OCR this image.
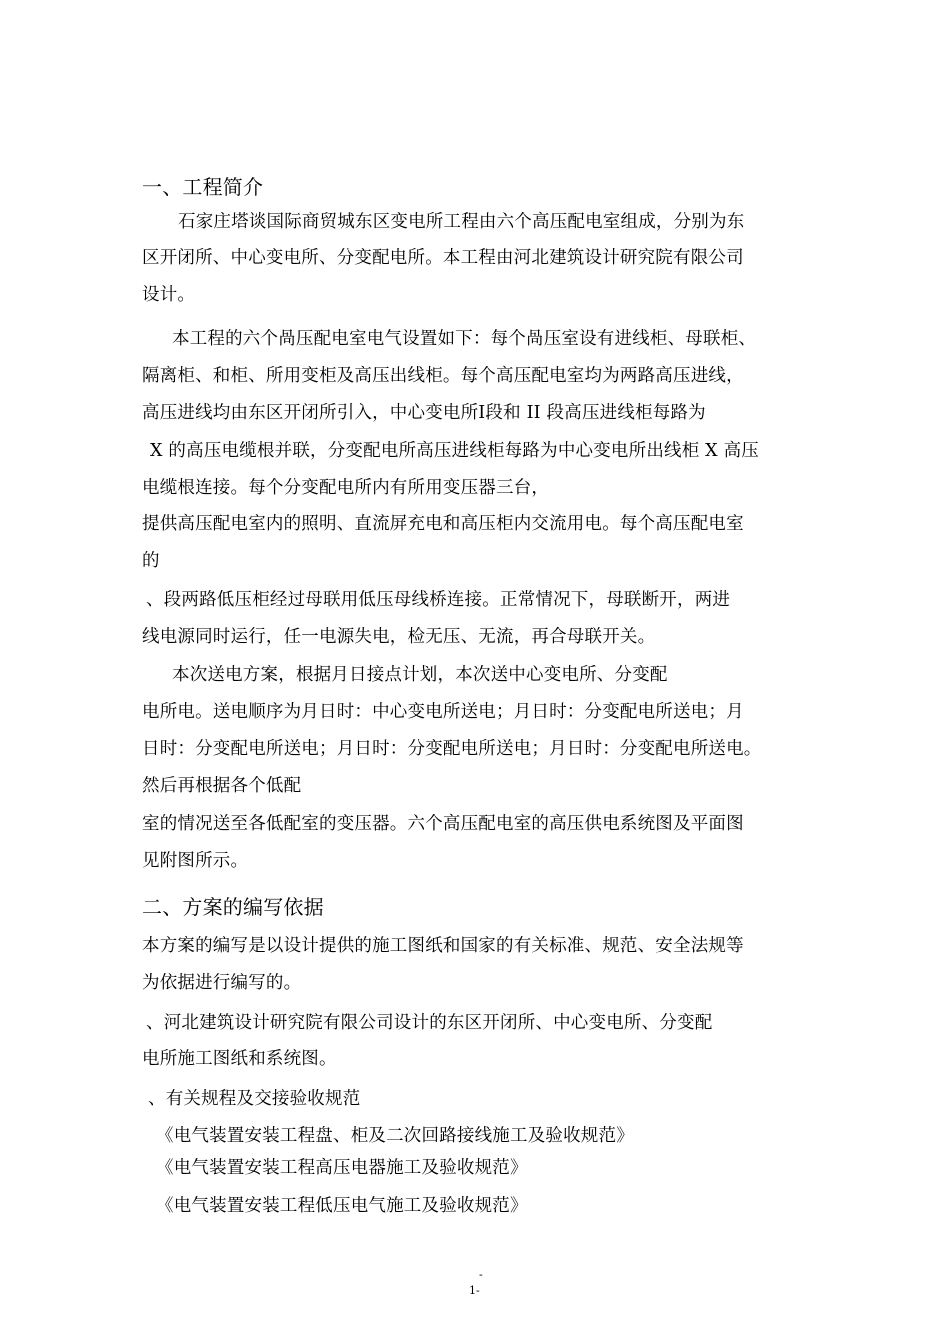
一、工程简介
石家庄塔谈国际商贸城东区变电所工程由六个高压配电室组成，分别为东
区开闭所、中心变电所、分变配电所。本工程由河北建筑设计研究院有限公司
设计。
本工程的六个咼压配电室电气设置如下：每个咼压室设有进线柜、母联柜、
隔离柜、和柜、所用变柜及高压出线柜。每个高压配电室均为两路高压进线，
高压进线均由东区开闭所引入，中心变电所Ⅰ段和 II 段高压进线柜每路为
X 的高压电缆根并联，分变配电所高压进线柜每路为中心变电所出线柜 X 高压
电缆根连接。每个分变配电所内有所用变压器三台，
提供高压配电室内的照明、直流屏充电和高压柜内交流用电。每个高压配电室
的
、段两路低压柜经过母联用低压母线桥连接。正常情况下，母联断开，两进
线电源同时运行，任一电源失电，检无压、无流，再合母联开关。
本次送电方案，根据月日接点计划，本次送中心变电所、分变配
电所电。送电顺序为月日时：中心变电所送电；月日时：分变配电所送电；月
日时：分变配电所送电；月日时：分变配电所送电；月日时：分变配电所送电。
然后再根据各个低配
室的情况送至各低配室的变压器。六个高压配电室的高压供电系统图及平面图
见附图所示。
二、方案的编写依据
本方案的编写是以设计提供的施工图纸和国家的有关标准、规范、安全法规等
为依据进行编写的。
、河北建筑设计研究院有限公司设计的东区开闭所、中心变电所、分变配
电所施工图纸和系统图。
、有关规程及交接验收规范
《电气装置安装工程盘、柜及二次回路接线施工及验收规范》
《电气装置安装工程高压电器施工及验收规范》
《电气装置安装工程低压电气施工及验收规范》
-
1-
